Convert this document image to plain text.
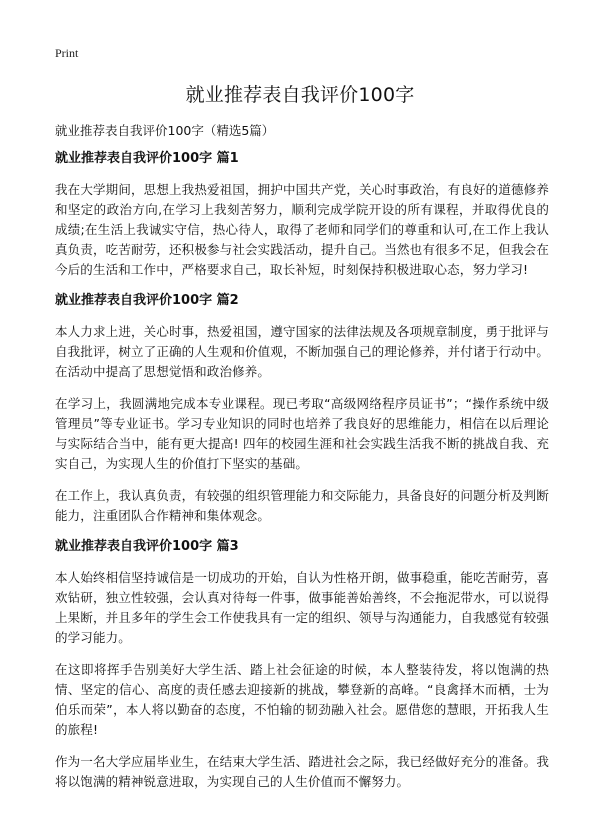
Print
就业推荐表自我评价100字

就业推荐表自我评价100字（精选5篇）

就业推荐表自我评价100字 篇1

我在大学期间，思想上我热爱祖国，拥护中国共产党，关心时事政治，有良好的道德修养和坚定的政治方向,在学习上我刻苦努力，顺利完成学院开设的所有课程，并取得优良的成绩;在生活上我诚实守信，热心待人，取得了老师和同学们的尊重和认可,在工作上我认真负责，吃苦耐劳，还积极参与社会实践活动，提升自己。当然也有很多不足，但我会在今后的生活和工作中，严格要求自己，取长补短，时刻保持积极进取心态，努力学习!

就业推荐表自我评价100字 篇2

本人力求上进，关心时事，热爱祖国，遵守国家的法律法规及各项规章制度，勇于批评与自我批评，树立了正确的人生观和价值观，不断加强自己的理论修养，并付诸于行动中。在活动中提高了思想觉悟和政治修养。

在学习上，我圆满地完成本专业课程。现已考取“高级网络程序员证书”；“操作系统中级管理员”等专业证书。学习专业知识的同时也培养了我良好的思维能力，相信在以后理论与实际结合当中，能有更大提高! 四年的校园生涯和社会实践生活我不断的挑战自我、充实自己，为实现人生的价值打下坚实的基础。

在工作上，我认真负责，有较强的组织管理能力和交际能力，具备良好的问题分析及判断能力，注重团队合作精神和集体观念。

就业推荐表自我评价100字 篇3

本人始终相信坚持诚信是一切成功的开始，自认为性格开朗，做事稳重，能吃苦耐劳，喜欢钻研，独立性较强，会认真对待每一件事，做事能善始善终，不会拖泥带水，可以说得上果断，并且多年的学生会工作使我具有一定的组织、领导与沟通能力，自我感觉有较强的学习能力。

在这即将挥手告别美好大学生活、踏上社会征途的时候，本人整装待发，将以饱满的热情、坚定的信心、高度的责任感去迎接新的挑战，攀登新的高峰。“良禽择木而栖，士为伯乐而荣”，本人将以勤奋的态度，不怕输的韧劲融入社会。愿借您的慧眼，开拓我人生的旅程!

作为一名大学应届毕业生，在结束大学生活、踏进社会之际，我已经做好充分的准备。我将以饱满的精神锐意进取，为实现自己的人生价值而不懈努力。
